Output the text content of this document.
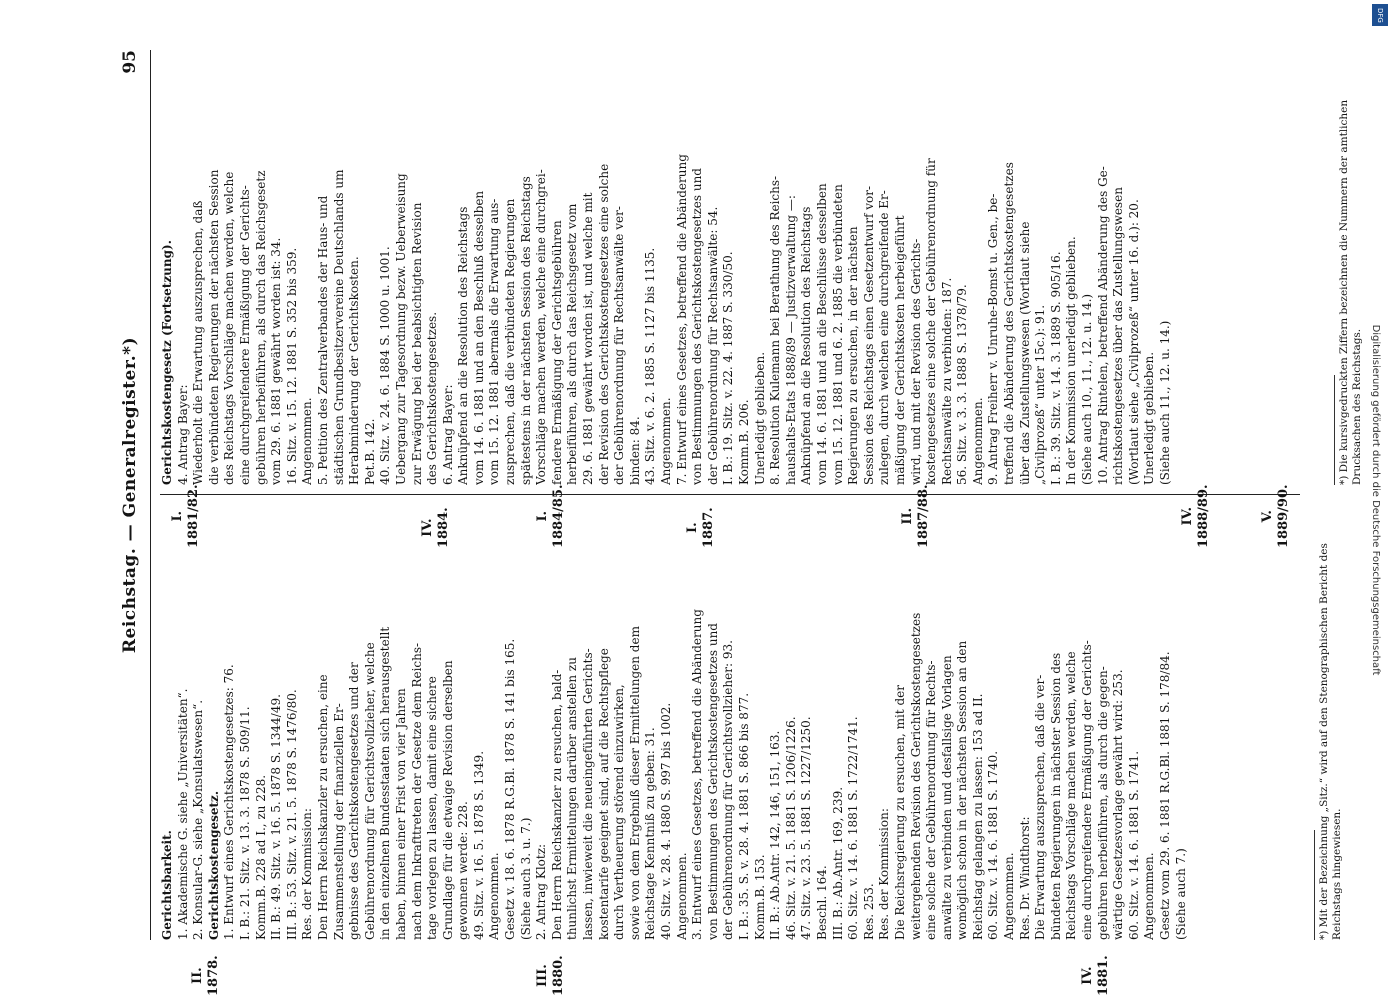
Reichstag. — Generalregister.*)
95

Gerichtsbarkeit. 1. Akademische G. siehe „Universitäten“. 2. Konsular-G. siehe „Konsulatswesen“. Gerichtskostengesetz. 1. Entwurf eines Gerichtskostengesetzes: 76. I. B.: 21. Sitz. v. 13. 3. 1878 S. 509/11. Komm.B. 228 ad I., zu 228. II. B.: 49. Sitz. v. 16. 5. 1878 S. 1344/49. III. B.: 53. Sitz. v. 21. 5. 1878 S. 1476/80. Res. der Kommission: Den Herrn Reichskanzler zu ersuchen, eine Zusammenstellung der finanziellen Er- gebnisse des Gerichtskostengesetzes und der Gebührenordnung für Gerichtsvollzieher, welche in den einzelnen Bundesstaaten sich herausgestellt haben, binnen einer Frist von vier Jahren nach dem Inkrafttreten der Gesetze dem Reichs- tage vorlegen zu lassen, damit eine sichere Grundlage für die etwaige Revision derselben gewonnen werde: 228. 49. Sitz. v. 16. 5. 1878 S. 1349. Angenommen. Gesetz v. 18. 6. 1878 R.G.Bl. 1878 S. 141 bis 165. (Siehe auch 3. u. 7.) 2. Antrag Klotz: Den Herrn Reichskanzler zu ersuchen, bald- thunlichst Ermittelungen darüber anstellen zu lassen, inwieweit die neueingeführten Gerichts- kostentarife geeignet sind, auf die Rechtspflege durch Vertheuerung störend einzuwirken, sowie von dem Ergebniß dieser Ermittelungen dem Reichstage Kenntniß zu geben: 31. 40. Sitz. v. 28. 4. 1880 S. 997 bis 1002. Angenommen. 3. Entwurf eines Gesetzes, betreffend die Abänderung von Bestimmungen des Gerichtskostengesetzes und der Gebührenordnung für Gerichtsvollzieher: 93. I. B.: 35. S. v. 28. 4. 1881 S. 866 bis 877. Komm.B. 153. II. B.: Ab.Antr. 142, 146, 151, 163. 46. Sitz. v. 21. 5. 1881 S. 1206/1226. 47. Sitz. v. 23. 5. 1881 S. 1227/1250. Beschl. 164. III. B.: Ab.Antr. 169, 239. 60. Sitz. v. 14. 6. 1881 S. 1722/1741. Res. 253. Res. der Kommission: Die Reichsregierung zu ersuchen, mit der weitergehenden Revision des Gerichtskostengesetzes eine solche der Gebührenordnung für Rechts- anwälte zu verbinden und desfallsige Vorlagen womöglich schon in der nächsten Session an den Reichstag gelangen zu lassen: 153 ad II. 60. Sitz. v. 14. 6. 1881 S. 1740. Angenommen. Res. Dr. Windthorst: Die Erwartung auszusprechen, daß die ver- bündeten Regierungen in nächster Session des Reichstags Vorschläge machen werden, welche eine durchgreifendere Ermäßigung der Gerichts- gebühren herbeiführen, als durch die gegen- wärtige Gesetzesvorlage gewährt wird: 253. 60. Sitz. v. 14. 6. 1881 S. 1741. Angenommen. Gesetz vom 29. 6. 1881 R.G.Bl. 1881 S. 178/84. (Siehe auch 7.)

Gerichtskostengesetz (Fortsetzung). 4. Antrag Bayer: Wiederholt die Erwartung auszusprechen, daß die verbündeten Regierungen der nächsten Session des Reichstags Vorschläge machen werden, welche eine durchgreifendere Ermäßigung der Gerichts- gebühren herbeiführen, als durch das Reichsgesetz vom 29. 6. 1881 gewährt worden ist: 34. 16. Sitz. v. 15. 12. 1881 S. 352 bis 359. Angenommen. 5. Petition des Zentralverbandes der Haus- und städtischen Grundbesitzervereine Deutschlands um Herabminderung der Gerichtskosten. Pet.B. 142. 40. Sitz. v. 24. 6. 1884 S. 1000 u. 1001. Uebergang zur Tagesordnung bezw. Ueberweisung zur Erwägung bei der beabsichtigten Revision des Gerichtskostengesetzes. 6. Antrag Bayer: Anknüpfend an die Resolution des Reichstags vom 14. 6. 1881 und an den Beschluß desselben vom 15. 12. 1881 abermals die Erwartung aus- zusprechen, daß die verbündeten Regierungen spätestens in der nächsten Session des Reichstags Vorschläge machen werden, welche eine durchgrei- fendere Ermäßigung der Gerichtsgebühren herbeiführen, als durch das Reichsgesetz vom 29. 6. 1881 gewährt worden ist, und welche mit der Revision des Gerichtskostengesetzes eine solche der Gebührenordnung für Rechtsanwälte ver- binden: 84. 43. Sitz. v. 6. 2. 1885 S. 1127 bis 1135. Angenommen. 7. Entwurf eines Gesetzes, betreffend die Abänderung von Bestimmungen des Gerichtskostengesetzes und der Gebührenordnung für Rechtsanwälte: 54. I. B.: 19. Sitz. v. 22. 4. 1887 S. 330/50. Komm.B. 206. Unerledigt geblieben. 8. Resolution Kulemann bei Berathung des Reichs- haushalts-Etats 1888/89 — Justizverwaltung —: Anknüpfend an die Resolution des Reichstags vom 14. 6. 1881 und an die Beschlüsse desselben vom 15. 12. 1881 und 6. 2. 1885 die verbündeten Regierungen zu ersuchen, in der nächsten Session des Reichstags einen Gesetzentwurf vor- zulegen, durch welchen eine durchgreifende Er- mäßigung der Gerichtskosten herbeigeführt wird, und mit der Revision des Gerichts- kostengesetzes eine solche der Gebührenordnung für Rechtsanwälte zu verbinden: 187. 56. Sitz. v. 3. 3. 1888 S. 1378/79. Angenommen. 9. Antrag Freiherr v. Unruhe-Bomst u. Gen., be- treffend die Abänderung des Gerichtskostengesetzes über das Zustellungswesen (Wortlaut siehe „Civilprozeß“ unter 15c.): 91. I. B.: 39. Sitz. v. 14. 3. 1889 S. 905/16. In der Kommission unerledigt geblieben. (Siehe auch 10., 11., 12. u. 14.) 10. Antrag Rintelen, betreffend Abänderung des Ge- richtskostengesetzes über das Zustellungswesen (Wortlaut siehe „Civilprozeß“ unter 16. d.): 20. Unerledigt geblieben. (Siehe auch 11., 12. u. 14.)

*) Mit der Bezeichnung „Sitz.“ wird auf den Stenographischen Bericht des Reichstags hingewiesen.
*) Die kursivgedruckten Ziffern bezeichnen die Nummern der amtlichen Drucksachen des Reichstags.
II. 1878.	III. 1880.	IV. 1881.
I. 1881/82.	IV. 1884.	I. 1884/85.	I. 1887.	II. 1887/88.	IV. 1888/89.	V. 1889/90.
DFG
Digitalisierung gefördert durch die Deutsche Forschungsgemeinschaft
